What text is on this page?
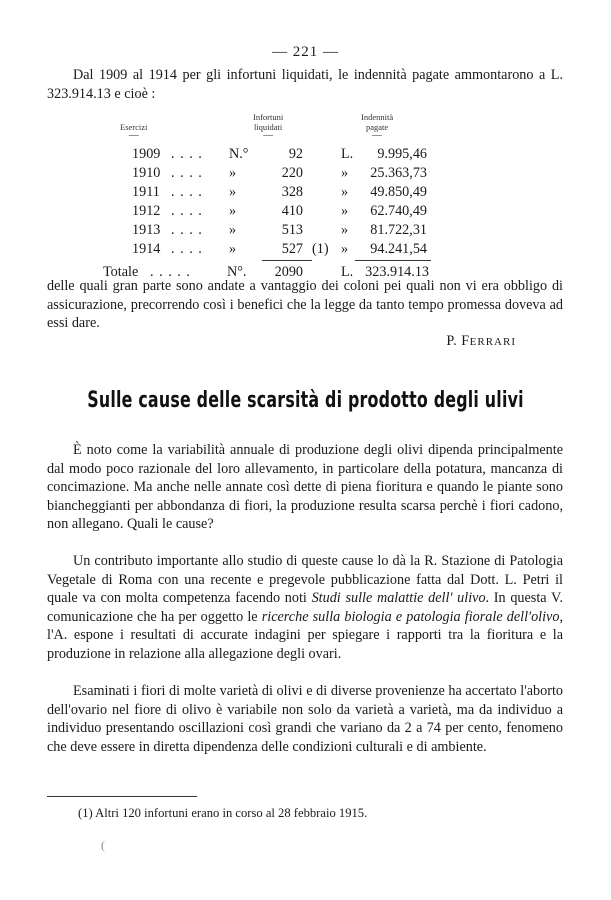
— 221 —

Dal 1909 al 1914 per gli infortuni liquidati, le indennità pagate ammontarono a L. 323.914.13 e cioè :

Esercizi
—
Infortuni
liquidati
—
Indennità
pagate
—
1909 . . . . N.°	92	L.	9.995,46
1910 . . . . »	220	»	25.363,73
1911 . . . . »	328	»	49.850,49
1912 . . . . »	410	»	62.740,49
1913 . . . . »	513	»	81.722,31
1914 . . . . »	527 (1) »	94.241,54
Totale . . . . .	N°.	2090	L. 323.914.13

delle quali gran parte sono andate a vantaggio dei coloni pei quali non vi era obbligo di assicurazione, precorrendo così i benefici che la legge da tanto tempo promessa doveva ad essi dare.

P. FERRARI
Sulle cause delle scarsità di prodotto degli ulivi

È noto come la variabilità annuale di produzione degli olivi dipenda principalmente dal modo poco razionale del loro allevamento, in particolare della potatura, mancanza di concimazione. Ma anche nelle annate così dette di piena fioritura e quando le piante sono biancheggianti per abbondanza di fiori, la produzione resulta scarsa perchè i fiori cadono, non allegano. Quali le cause?

Un contributo importante allo studio di queste cause lo dà la R. Stazione di Patologia Vegetale di Roma con una recente e pregevole pubblicazione fatta dal Dott. L. Petri il quale va con molta competenza facendo noti Studi sulle malattie dell' ulivo. In questa V. comunicazione che ha per oggetto le ricerche sulla biologia e patologia fiorale dell'olivo, l'A. espone i resultati di accurate indagini per spiegare i rapporti tra la fioritura e la produzione in relazione alla allegazione degli ovari.

Esaminati i fiori di molte varietà di olivi e di diverse provenienze ha accertato l'aborto dell'ovario nel fiore di olivo è variabile non solo da varietà a varietà, ma da individuo a individuo presentando oscillazioni così grandi che variano da 2 a 74 per cento, fenomeno che deve essere in diretta dipendenza delle condizioni culturali e di ambiente.

(1) Altri 120 infortuni erano in corso al 28 febbraio 1915.

(
